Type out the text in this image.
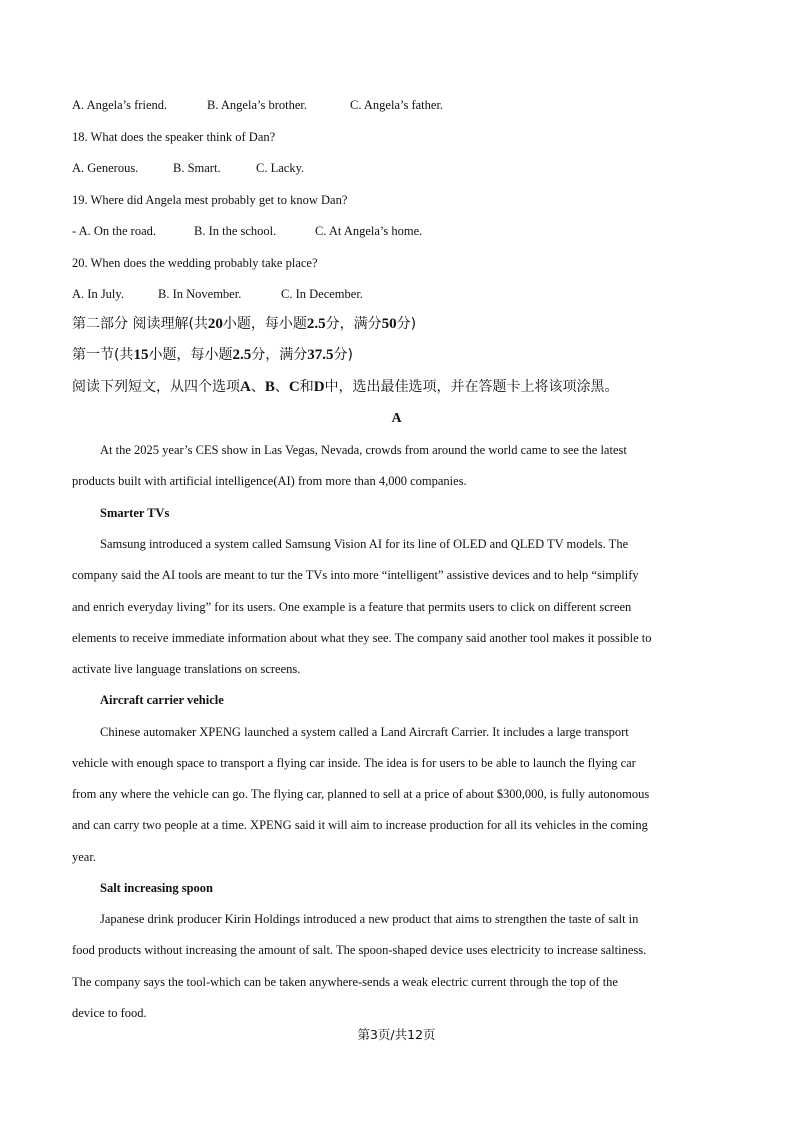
A. Angela’s friend.	B. Angela’s brother.	C. Angela’s father.
18. What does the speaker think of Dan?
A. Generous.	B. Smart.	C. Lacky.
19. Where did Angela mest probably get to know Dan?
- A. On the road.	B. In the school.	C. At Angela’s home.
20. When does the wedding probably take place?
A. In July.	B. In November.	C. In December.
第二部分 阅读理解(共20小题，每小题2.5分，满分50分)
第一节(共15小题，每小题2.5分，满分37.5分)
阅读下列短文，从四个选项A、B、C和D中，选出最佳选项，并在答题卡上将该项涂黑。
A
At the 2025 year’s CES show in Las Vegas, Nevada, crowds from around the world came to see the latest
products built with artificial intelligence(AI) from more than 4,000 companies.
Smarter TVs
Samsung introduced a system called Samsung Vision AI for its line of OLED and QLED TV models. The
company said the AI tools are meant to tur the TVs into more “intelligent” assistive devices and to help “simplify
and enrich everyday living” for its users. One example is a feature that permits users to click on different screen
elements to receive immediate information about what they see. The company said another tool makes it possible to
activate live language translations on screens.
Aircraft carrier vehicle
Chinese automaker XPENG launched a system called a Land Aircraft Carrier. It includes a large transport
vehicle with enough space to transport a flying car inside. The idea is for users to be able to launch the flying car
from any where the vehicle can go. The flying car, planned to sell at a price of about $300,000, is fully autonomous
and can carry two people at a time. XPENG said it will aim to increase production for all its vehicles in the coming
year.
Salt increasing spoon
Japanese drink producer Kirin Holdings introduced a new product that aims to strengthen the taste of salt in
food products without increasing the amount of salt. The spoon-shaped device uses electricity to increase saltiness.
The company says the tool-which can be taken anywhere-sends a weak electric current through the top of the
device to food.
第3页/共12页
